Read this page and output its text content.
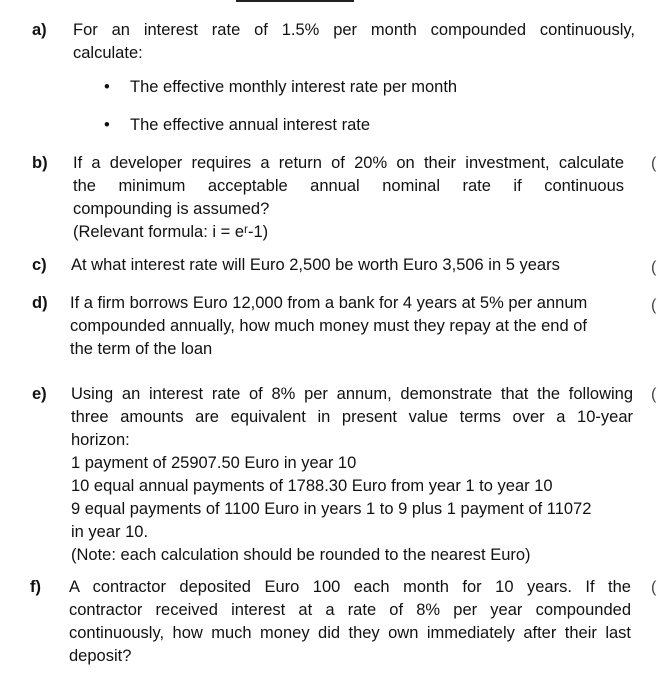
a) For an interest rate of 1.5% per month compounded continuously,
calculate:
• The effective monthly interest rate per month
• The effective annual interest rate
b) If a developer requires a return of 20% on their investment, calculate
the minimum acceptable annual nominal rate if continuous
compounding is assumed?
(Relevant formula: i = eʳ-1)
(
c) At what interest rate will Euro 2,500 be worth Euro 3,506 in 5 years	(
d) If a firm borrows Euro 12,000 from a bank for 4 years at 5% per annum
compounded annually, how much money must they repay at the end of
the term of the loan
(
e) Using an interest rate of 8% per annum, demonstrate that the following
three amounts are equivalent in present value terms over a 10-year
horizon:
1 payment of 25907.50 Euro in year 10
10 equal annual payments of 1788.30 Euro from year 1 to year 10
9 equal payments of 1100 Euro in years 1 to 9 plus 1 payment of 11072
in year 10.
(Note: each calculation should be rounded to the nearest Euro)
(
f) A contractor deposited Euro 100 each month for 10 years. If the
contractor received interest at a rate of 8% per year compounded
continuously, how much money did they own immediately after their last
deposit?
(
